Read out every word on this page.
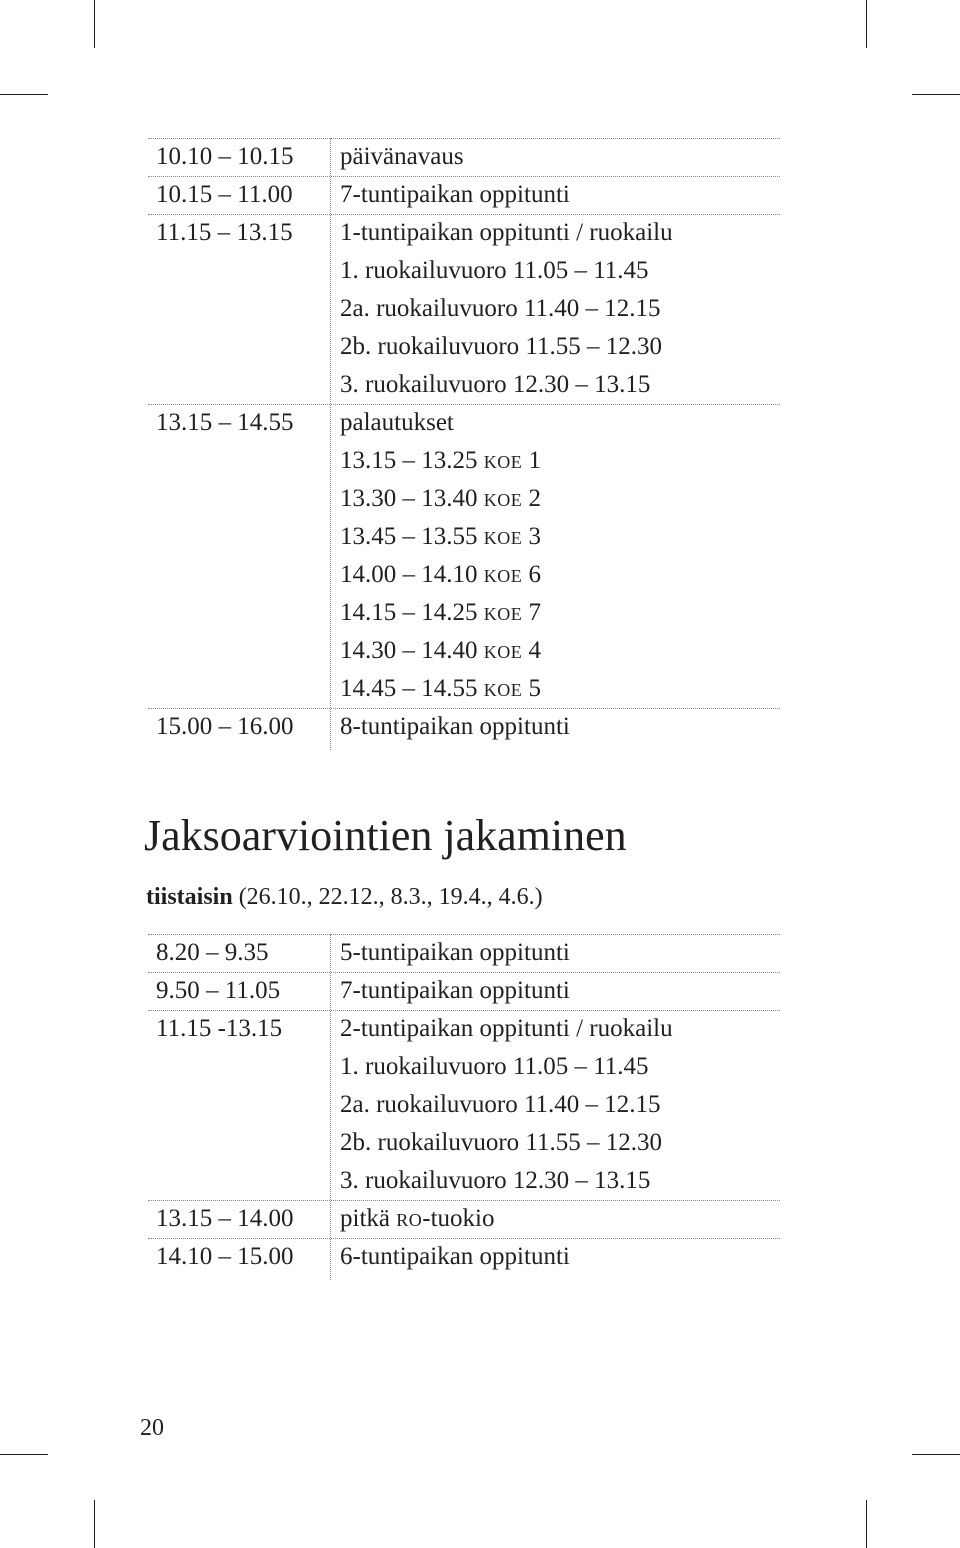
10.10 – 10.15 päivänavaus
10.15 – 11.00 7-tuntipaikan oppitunti
11.15 – 13.15 1-tuntipaikan oppitunti / ruokailu
1. ruokailuvuoro 11.05 – 11.45
2a. ruokailuvuoro 11.40 – 12.15
2b. ruokailuvuoro 11.55 – 12.30
3. ruokailuvuoro 12.30 – 13.15
13.15 – 14.55 palautukset
13.15 – 13.25 koe 1
13.30 – 13.40 koe 2
13.45 – 13.55 koe 3
14.00 – 14.10 koe 6
14.15 – 14.25 koe 7
14.30 – 14.40 koe 4
14.45 – 14.55 koe 5
15.00 – 16.00 8-tuntipaikan oppitunti
Jaksoarviointien jakaminen
tiistaisin (26.10., 22.12., 8.3., 19.4., 4.6.)
8.20 – 9.35	5-tuntipaikan oppitunti
9.50 – 11.05 7-tuntipaikan oppitunti
11.15 -13.15 2-tuntipaikan oppitunti / ruokailu
1. ruokailuvuoro 11.05 – 11.45
2a. ruokailuvuoro 11.40 – 12.15
2b. ruokailuvuoro 11.55 – 12.30
3. ruokailuvuoro 12.30 – 13.15
13.15 – 14.00 pitkä ro-tuokio
14.10 – 15.00 6-tuntipaikan oppitunti
20
